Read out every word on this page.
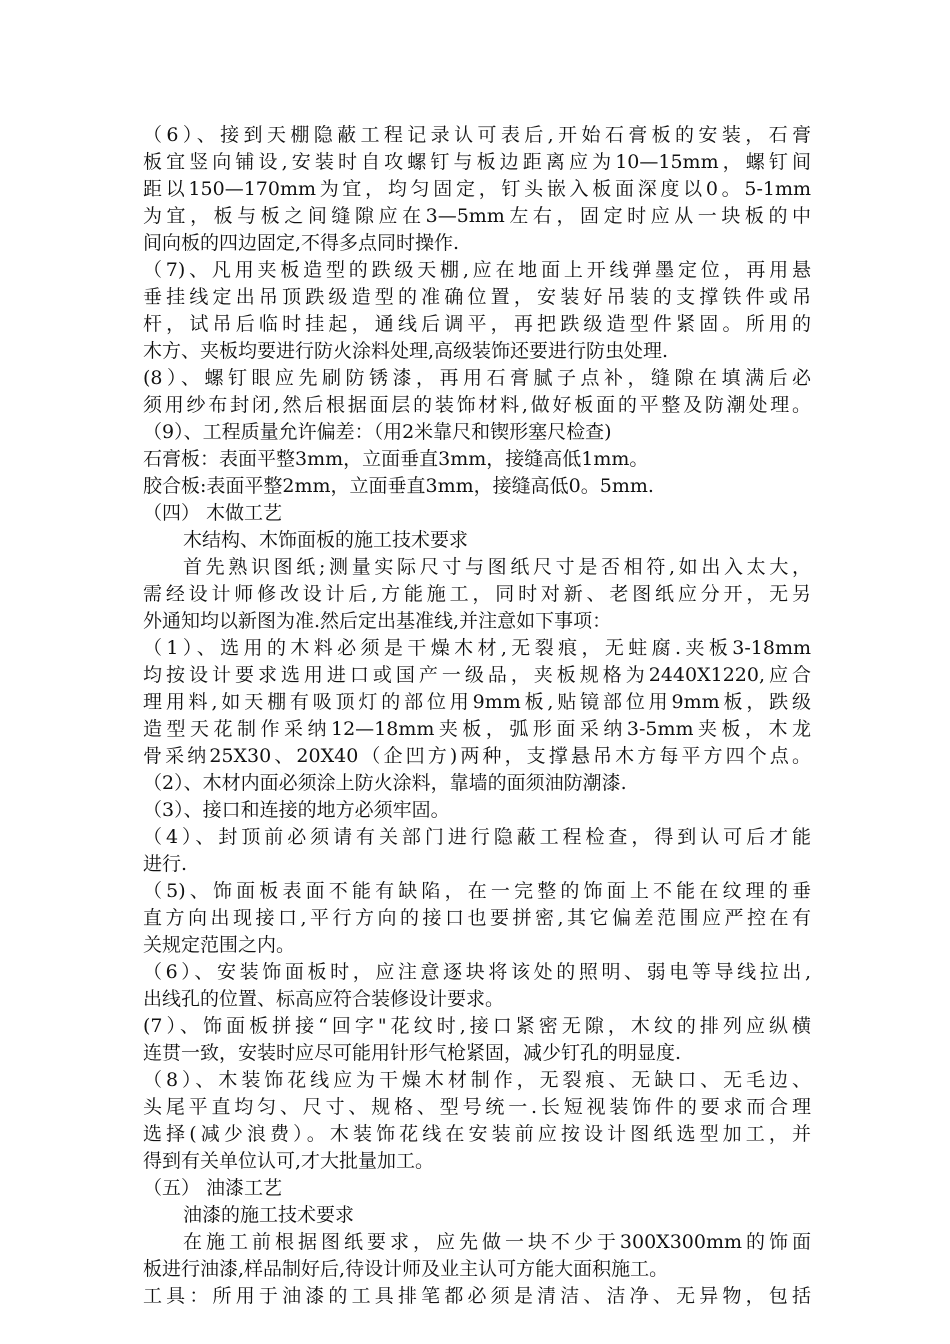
（6）、接到天棚隐蔽工程记录认可表后,开始石膏板的安装，石膏
板宜竖向铺设,安装时自攻螺钉与板边距离应为10—15mm，螺钉间
距以150—170mm为宜，均匀固定，钉头嵌入板面深度以0。5-1mm
为宜，板与板之间缝隙应在3—5mm左右，固定时应从一块板的中
间向板的四边固定,不得多点同时操作.
（7)、凡用夹板造型的跌级天棚,应在地面上开线弹墨定位，再用悬
垂挂线定出吊顶跌级造型的准确位置，安装好吊装的支撑铁件或吊
杆，试吊后临时挂起，通线后调平，再把跌级造型件紧固。所用的
木方、夹板均要进行防火涂料处理,高级装饰还要进行防虫处理.
(8）、螺钉眼应先刷防锈漆，再用石膏腻子点补，缝隙在填满后必
须用纱布封闭,然后根据面层的装饰材料,做好板面的平整及防潮处理。
（9）、工程质量允许偏差：（用2米靠尺和锲形塞尺检查)
石膏板：表面平整3mm，立面垂直3mm，接缝高低1mm。
胶合板:表面平整2mm，立面垂直3mm，接缝高低0。5mm.
（四） 木做工艺
木结构、木饰面板的施工技术要求
首先熟识图纸;测量实际尺寸与图纸尺寸是否相符,如出入太大，
需经设计师修改设计后,方能施工，同时对新、老图纸应分开，无另
外通知均以新图为准.然后定出基准线,并注意如下事项：
（1）、选用的木料必须是干燥木材,无裂痕，无蛀腐.夹板3-18mm
均按设计要求选用进口或国产一级品，夹板规格为2440X1220,应合
理用料,如天棚有吸顶灯的部位用9mm板,贴镜部位用9mm板，跌级
造型天花制作采纳12—18mm夹板，弧形面采纳3-5mm夹板，木龙
骨采纳25X30、20X40（企凹方)两种，支撑悬吊木方每平方四个点。
（2）、木材内面必须涂上防火涂料，靠墙的面须油防潮漆.
（3）、接口和连接的地方必须牢固。
（4）、封顶前必须请有关部门进行隐蔽工程检查，得到认可后才能
进行.
（5)、饰面板表面不能有缺陷，在一完整的饰面上不能在纹理的垂
直方向出现接口,平行方向的接口也要拼密,其它偏差范围应严控在有
关规定范围之内。
（6）、安装饰面板时，应注意逐块将该处的照明、弱电等导线拉出,
出线孔的位置、标高应符合装修设计要求。
(7）、饰面板拼接“回字"花纹时,接口紧密无隙，木纹的排列应纵横
连贯一致，安装时应尽可能用针形气枪紧固，减少钉孔的明显度.
（8）、木装饰花线应为干燥木材制作，无裂痕、无缺口、无毛边、
头尾平直均匀、尺寸、规格、型号统一.长短视装饰件的要求而合理
选择(减少浪费）。木装饰花线在安装前应按设计图纸选型加工，并
得到有关单位认可,才大批量加工。
（五） 油漆工艺
油漆的施工技术要求
在施工前根据图纸要求，应先做一块不少于300X300mm的饰面
板进行油漆,样品制好后,待设计师及业主认可方能大面积施工。
工具：所用于油漆的工具排笔都必须是清洁、洁净、无异物，包括
